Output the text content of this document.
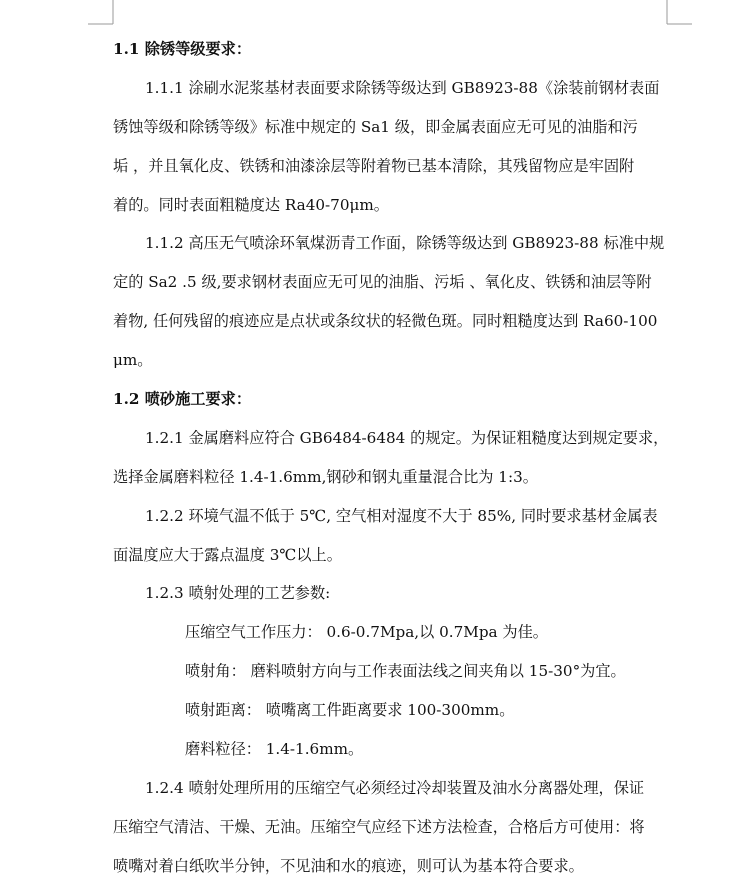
1.1 除锈等级要求：
1.1.1 涂刷水泥浆基材表面要求除锈等级达到 GB8923-88《涂装前钢材表面
锈蚀等级和除锈等级》标准中规定的 Sa1 级，即金属表面应无可见的油脂和污
垢 ，并且氧化皮、铁锈和油漆涂层等附着物已基本清除，其残留物应是牢固附
着的。同时表面粗糙度达 Ra40-70μm。
1.1.2 高压无气喷涂环氧煤沥青工作面，除锈等级达到 GB8923-88 标准中规
定的 Sa2 .5 级,要求钢材表面应无可见的油脂、污垢 、氧化皮、铁锈和油层等附
着物, 任何残留的痕迹应是点状或条纹状的轻微色斑。同时粗糙度达到 Ra60-100
μm。
1.2 喷砂施工要求：
1.2.1 金属磨料应符合 GB6484-6484 的规定。为保证粗糙度达到规定要求，
选择金属磨料粒径 1.4-1.6mm,钢砂和钢丸重量混合比为 1:3。
1.2.2 环境气温不低于 5℃, 空气相对湿度不大于 85%, 同时要求基材金属表
面温度应大于露点温度 3℃以上。
1.2.3 喷射处理的工艺参数:
压缩空气工作压力： 0.6-0.7Mpa,以 0.7Mpa 为佳。
喷射角： 磨料喷射方向与工作表面法线之间夹角以 15-30°为宜。
喷射距离： 喷嘴离工件距离要求 100-300mm。
磨料粒径： 1.4-1.6mm。
1.2.4 喷射处理所用的压缩空气必须经过冷却装置及油水分离器处理，保证
压缩空气清洁、干燥、无油。压缩空气应经下述方法检查，合格后方可使用：将
喷嘴对着白纸吹半分钟，不见油和水的痕迹，则可认为基本符合要求。
